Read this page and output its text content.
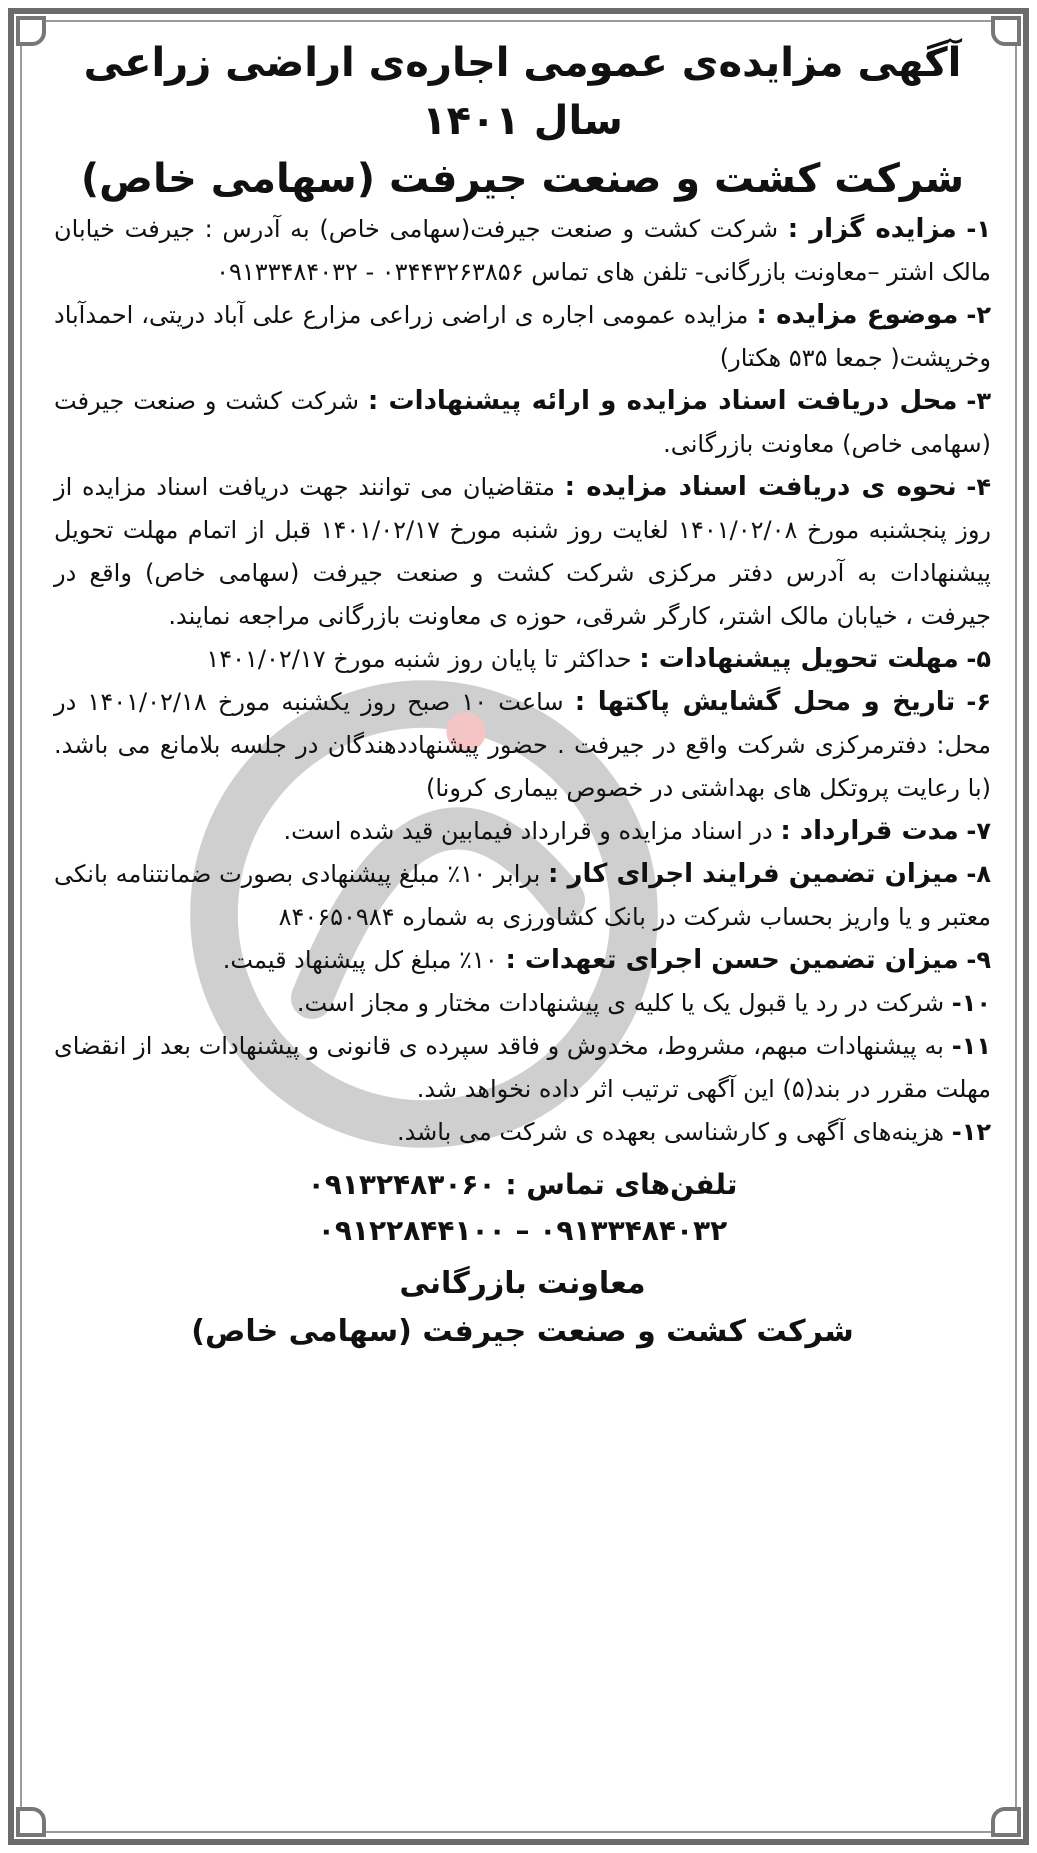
آگهی مزایده‌ی عمومی اجاره‌ی اراضی زراعی سال ۱۴۰۱
شرکت کشت و صنعت جیرفت (سهامی خاص)

۱- مزایده گزار : شرکت کشت و صنعت جیرفت(سهامی خاص) به آدرس : جیرفت خیابان مالک اشتر –معاونت بازرگانی- تلفن های تماس ۰۳۴۴۳۲۶۳۸۵۶ - ۰۹۱۳۳۴۸۴۰۳۲

۲- موضوع مزایده : مزایده عمومی اجاره ی اراضی زراعی مزارع علی آباد دریتی، احمدآباد وخرپشت( جمعا ۵۳۵ هکتار)

۳- محل دریافت اسناد مزایده و ارائه پیشنهادات : شرکت کشت و صنعت جیرفت (سهامی خاص) معاونت بازرگانی.

۴- نحوه ی دریافت اسناد مزایده : متقاضیان می توانند جهت دریافت اسناد مزایده از روز پنجشنبه مورخ ۱۴۰۱/۰۲/۰۸ لغایت روز شنبه مورخ ۱۴۰۱/۰۲/۱۷ قبل از اتمام مهلت تحویل پیشنهادات به آدرس دفتر مرکزی شرکت کشت و صنعت جیرفت (سهامی خاص) واقع در جیرفت ، خیابان مالک اشتر، کارگر شرقی، حوزه ی معاونت بازرگانی مراجعه نمایند.

۵- مهلت تحویل پیشنهادات : حداکثر تا پایان روز شنبه مورخ ۱۴۰۱/۰۲/۱۷

۶- تاریخ و محل گشایش پاکتها : ساعت ۱۰ صبح روز یکشنبه مورخ ۱۴۰۱/۰۲/۱۸ در محل: دفترمرکزی شرکت واقع در جیرفت . حضور پیشنهاددهندگان در جلسه بلامانع می باشد.(با رعایت پروتکل های بهداشتی در خصوص بیماری کرونا)

۷- مدت قرارداد : در اسناد مزایده و قرارداد فیمابین قید شده است.

۸- میزان تضمین فرایند اجرای کار : برابر ۱۰٪ مبلغ پیشنهادی بصورت ضمانتنامه بانکی معتبر و یا واریز بحساب شرکت در بانک کشاورزی به شماره ۸۴۰۶۵۰۹۸۴

۹- میزان تضمین حسن اجرای تعهدات : ۱۰٪ مبلغ کل پیشنهاد قیمت.

۱۰- شرکت در رد یا قبول یک یا کلیه ی پیشنهادات مختار و مجاز است.

۱۱- به پیشنهادات مبهم، مشروط، مخدوش و فاقد سپرده ی قانونی و پیشنهادات بعد از انقضای مهلت مقرر در بند(۵) این آگهی ترتیب اثر داده نخواهد شد.

۱۲- هزینه‌های آگهی و کارشناسی بعهده ی شرکت می باشد.

تلفن‌های تماس : ۰۹۱۳۲۴۸۳۰۶۰
۰۹۱۳۳۴۸۴۰۳۲ – ۰۹۱۲۲۸۴۴۱۰۰
معاونت بازرگانی
شرکت کشت و صنعت جیرفت (سهامی خاص)
